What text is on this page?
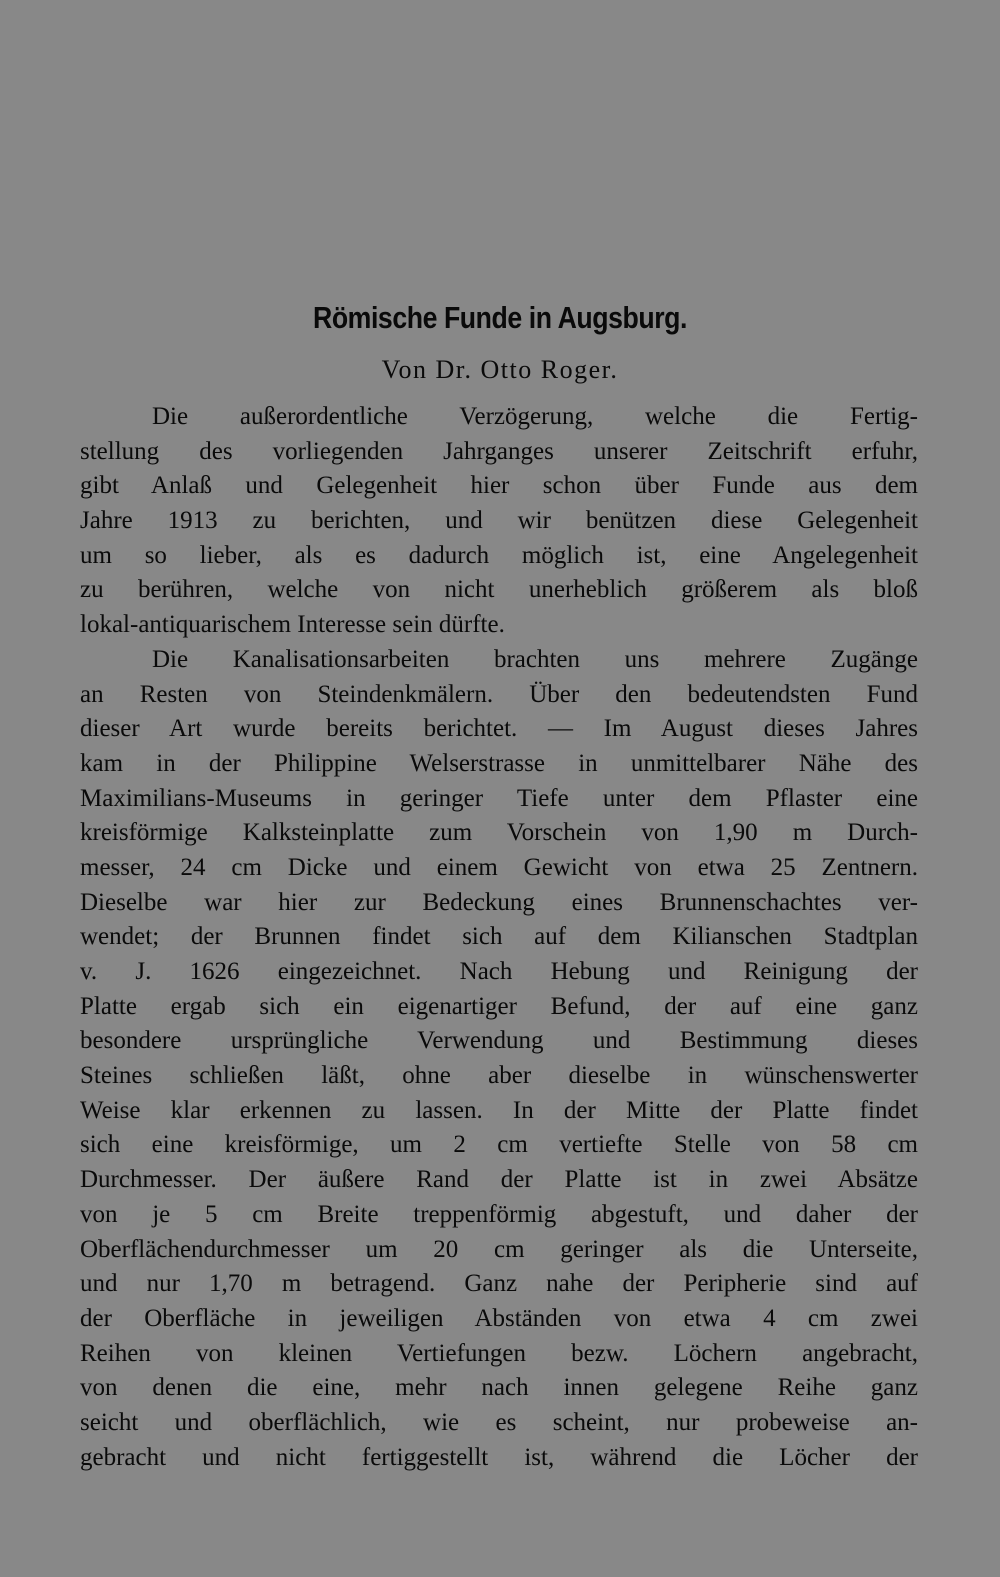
Römische Funde in Augsburg.
Von Dr. Otto Roger.
Die außerordentliche Verzögerung, welche die Fertig-
stellung des vorliegenden Jahrganges unserer Zeitschrift erfuhr,
gibt Anlaß und Gelegenheit hier schon über Funde aus dem
Jahre 1913 zu berichten, und wir benützen diese Gelegenheit
um so lieber, als es dadurch möglich ist, eine Angelegenheit
zu berühren, welche von nicht unerheblich größerem als bloß
lokal-antiquarischem Interesse sein dürfte.
Die Kanalisationsarbeiten brachten uns mehrere Zugänge
an Resten von Steindenkmälern. Über den bedeutendsten Fund
dieser Art wurde bereits berichtet. — Im August dieses Jahres
kam in der Philippine Welserstrasse in unmittelbarer Nähe des
Maximilians-Museums in geringer Tiefe unter dem Pflaster eine
kreisförmige Kalksteinplatte zum Vorschein von 1,90 m Durch-
messer, 24 cm Dicke und einem Gewicht von etwa 25 Zentnern.
Dieselbe war hier zur Bedeckung eines Brunnenschachtes ver-
wendet; der Brunnen findet sich auf dem Kilianschen Stadtplan
v. J. 1626 eingezeichnet. Nach Hebung und Reinigung der
Platte ergab sich ein eigenartiger Befund, der auf eine ganz
besondere ursprüngliche Verwendung und Bestimmung dieses
Steines schließen läßt, ohne aber dieselbe in wünschenswerter
Weise klar erkennen zu lassen. In der Mitte der Platte findet
sich eine kreisförmige, um 2 cm vertiefte Stelle von 58 cm
Durchmesser. Der äußere Rand der Platte ist in zwei Absätze
von je 5 cm Breite treppenförmig abgestuft, und daher der
Oberflächendurchmesser um 20 cm geringer als die Unterseite,
und nur 1,70 m betragend. Ganz nahe der Peripherie sind auf
der Oberfläche in jeweiligen Abständen von etwa 4 cm zwei
Reihen von kleinen Vertiefungen bezw. Löchern angebracht,
von denen die eine, mehr nach innen gelegene Reihe ganz
seicht und oberflächlich, wie es scheint, nur probeweise an-
gebracht und nicht fertiggestellt ist, während die Löcher der
